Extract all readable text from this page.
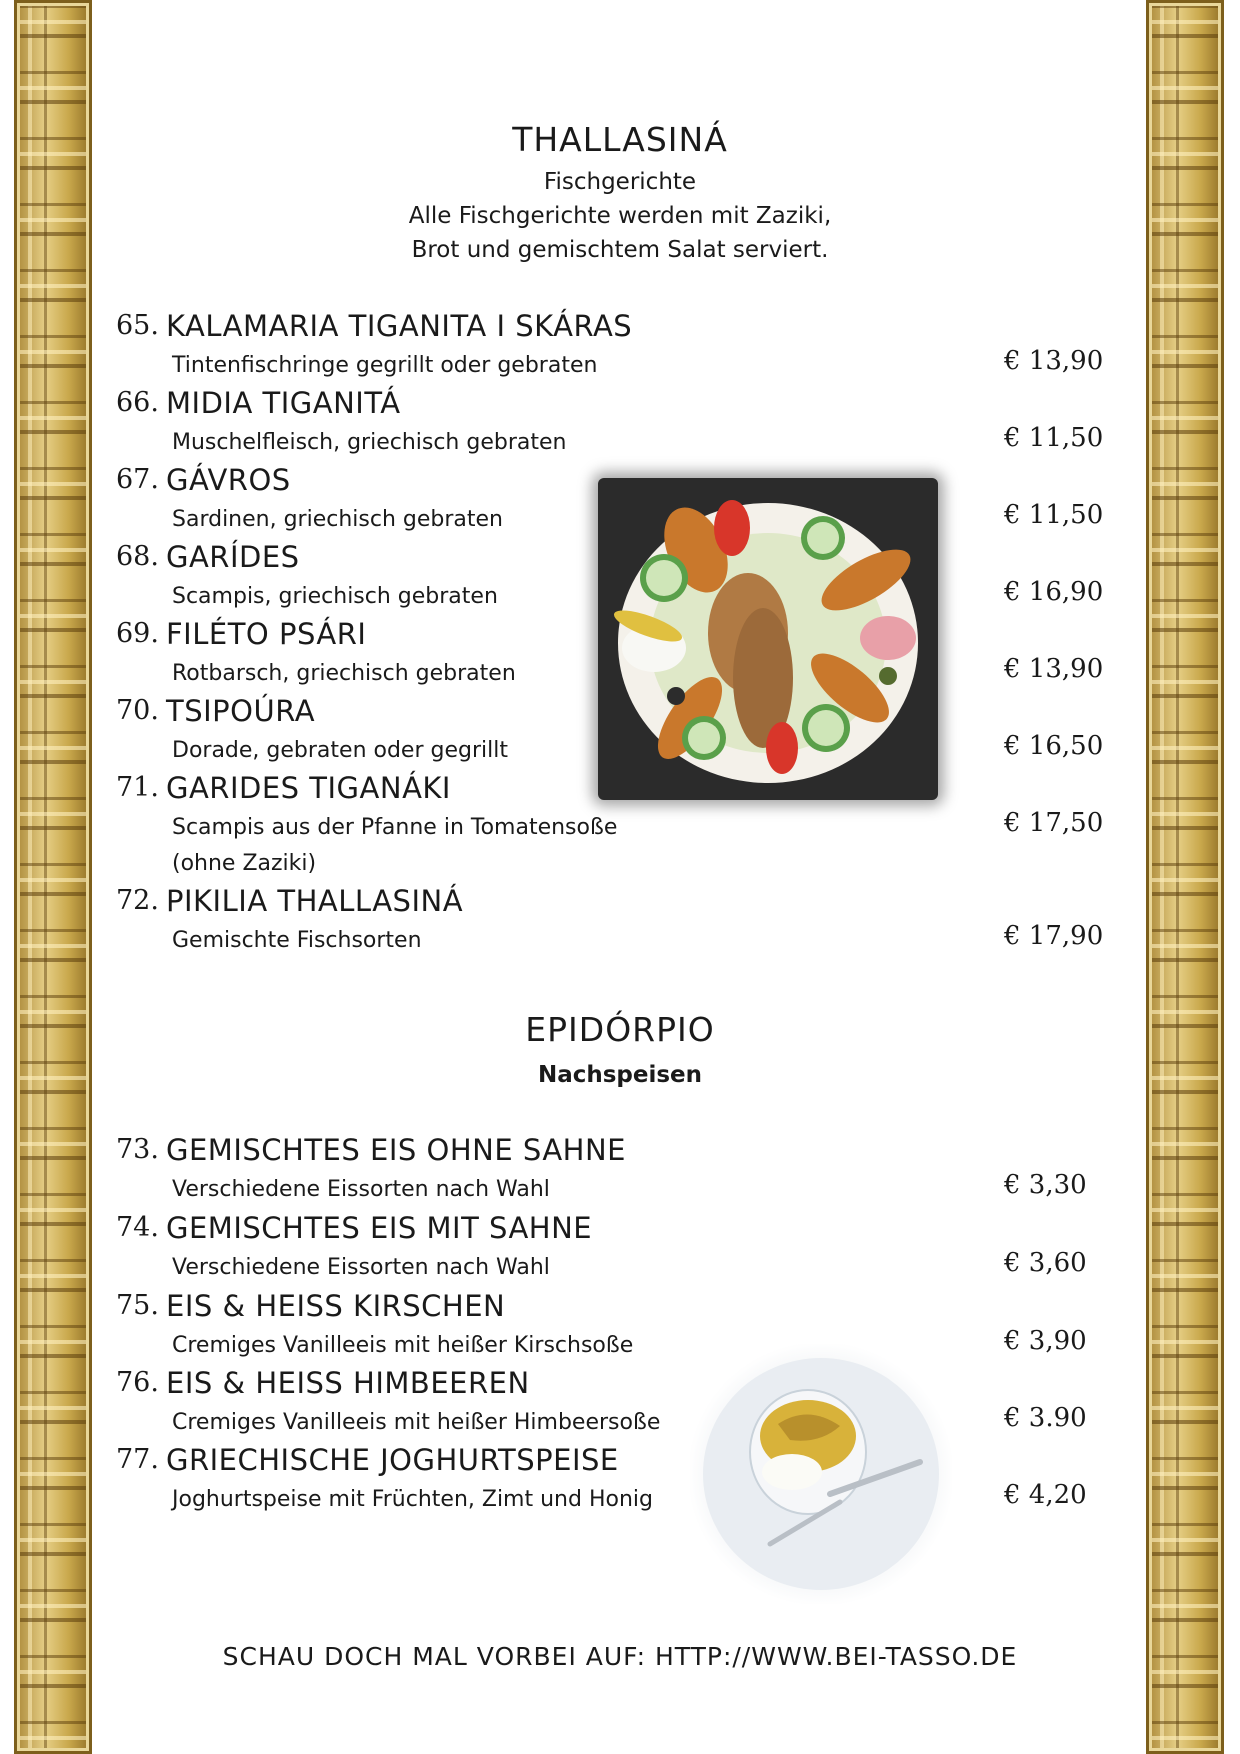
THALLASINÁ
Fischgerichte
Alle Fischgerichte werden mit Zaziki,
Brot und gemischtem Salat serviert.
65. KALAMARIA TIGANITA I SKÁRAS
Tintenfischringe gegrillt oder gebraten	€ 13,90
66. MIDIA TIGANITÁ
Muschelfleisch, griechisch gebraten	€ 11,50
67. GÁVROS
Sardinen, griechisch gebraten	€ 11,50
68. GARÍDES
Scampis, griechisch gebraten	€ 16,90
69. FILÉTO PSÁRI
Rotbarsch, griechisch gebraten	€ 13,90
70. TSIPOÚRA
Dorade, gebraten oder gegrillt	€ 16,50
71. GARIDES TIGANÁKI
Scampis aus der Pfanne in Tomatensoße
(ohne Zaziki)
€ 17,50
72. PIKILIA THALLASINÁ
Gemischte Fischsorten	€ 17,90
EPIDÓRPIO
Nachspeisen
73. GEMISCHTES EIS OHNE SAHNE
Verschiedene Eissorten nach Wahl	€ 3,30
74. GEMISCHTES EIS MIT SAHNE
Verschiedene Eissorten nach Wahl	€ 3,60
75. EIS & HEISS KIRSCHEN
Cremiges Vanilleeis mit heißer Kirschsoße	€ 3,90
76. EIS & HEISS HIMBEEREN
Cremiges Vanilleeis mit heißer Himbeersoße	€ 3.90
77. GRIECHISCHE JOGHURTSPEISE
Joghurtspeise mit Früchten, Zimt und Honig	€ 4,20
SCHAU DOCH MAL VORBEI AUF: HTTP://WWW.BEI-TASSO.DE
